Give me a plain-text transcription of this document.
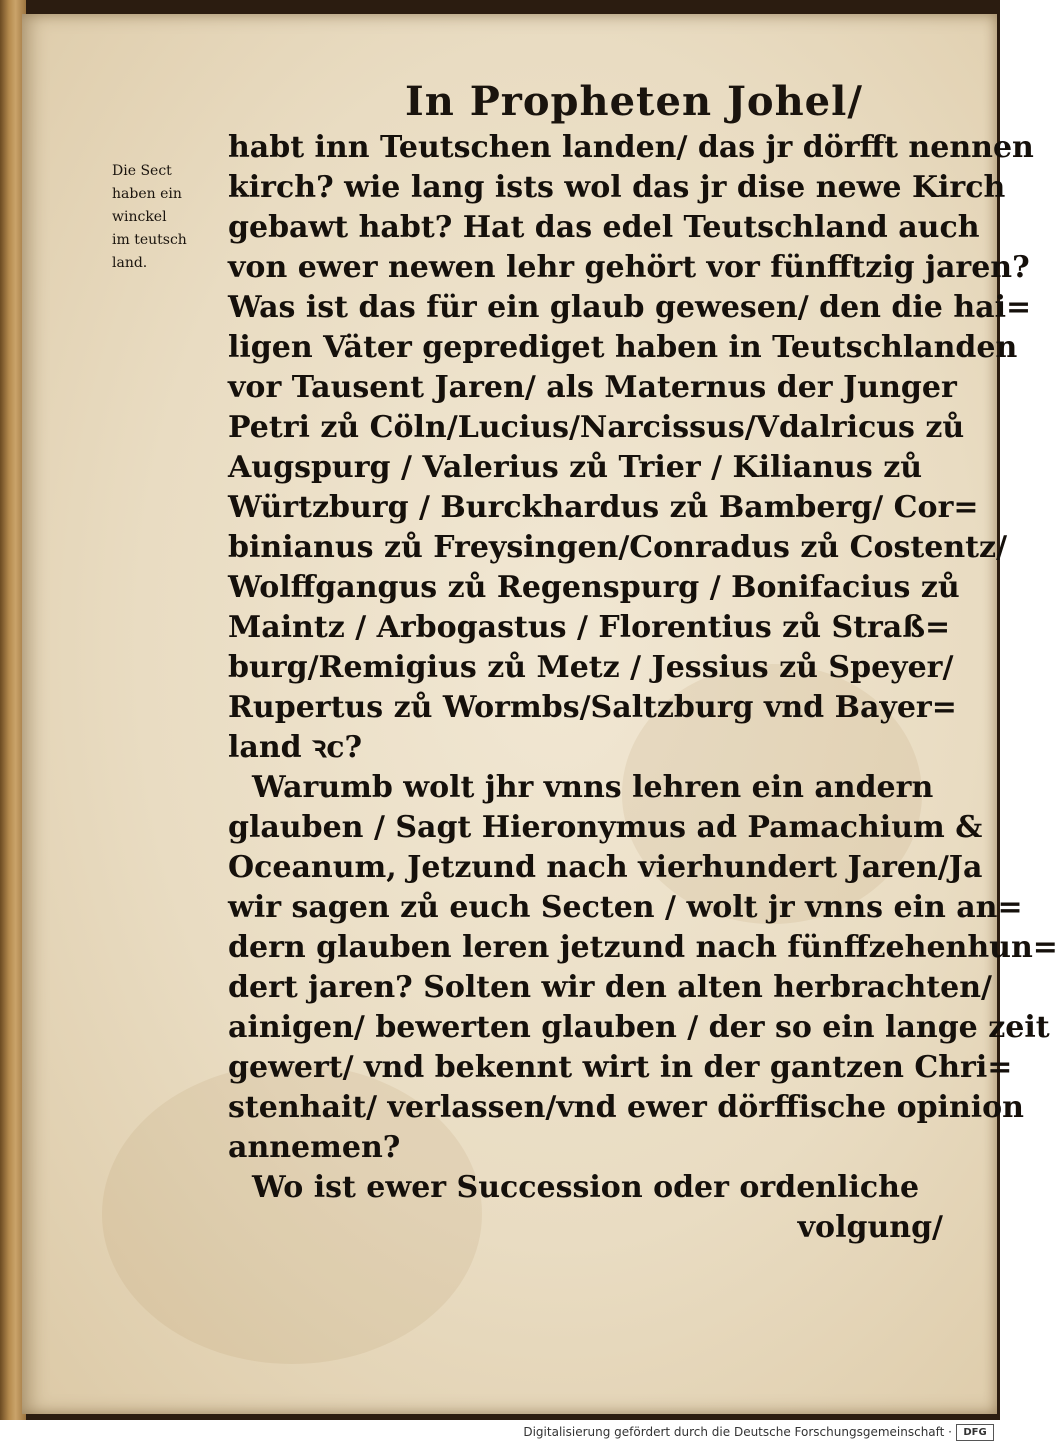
In Propheten Johel/
Die Sect
haben ein
winckel
im teutsch
land.
habt inn Teutschen landen/ das jr dörfft nennen
kirch? wie lang ists wol das jr dise newe Kirch
gebawt habt? Hat das edel Teutschland auch
von ewer newen lehr gehört vor fünfftzig jaren?
Was ist das für ein glaub gewesen/ den die hai=
ligen Väter geprediget haben in Teutschlanden
vor Tausent Jaren/ als Maternus der Junger
Petri zů Cöln/Lucius/Narcissus/Vdalricus zů
Augspurg / Valerius zů Trier / Kilianus zů
Würtzburg / Burckhardus zů Bamberg/ Cor=
binianus zů Freysingen/Conradus zů Costentz/
Wolffgangus zů Regenspurg / Bonifacius zů
Maintz / Arbogastus / Florentius zů Straß=
burg/Remigius zů Metz / Jessius zů Speyer/
Rupertus zů Wormbs/Saltzburg vnd Bayer=
land ꝛc?
Warumb wolt jhr vnns lehren ein andern
glauben / Sagt Hieronymus ad Pamachium &
Oceanum, Jetzund nach vierhundert Jaren/Ja
wir sagen zů euch Secten / wolt jr vnns ein an=
dern glauben leren jetzund nach fünffzehenhun=
dert jaren? Solten wir den alten herbrachten/
ainigen/ bewerten glauben / der so ein lange zeit
gewert/ vnd bekennt wirt in der gantzen Chri=
stenhait/ verlassen/vnd ewer dörffische opinion
annemen?
Wo ist ewer Succession oder ordenliche
volgung/
Digitalisierung gefördert durch die Deutsche Forschungsgemeinschaft ·	DFG
